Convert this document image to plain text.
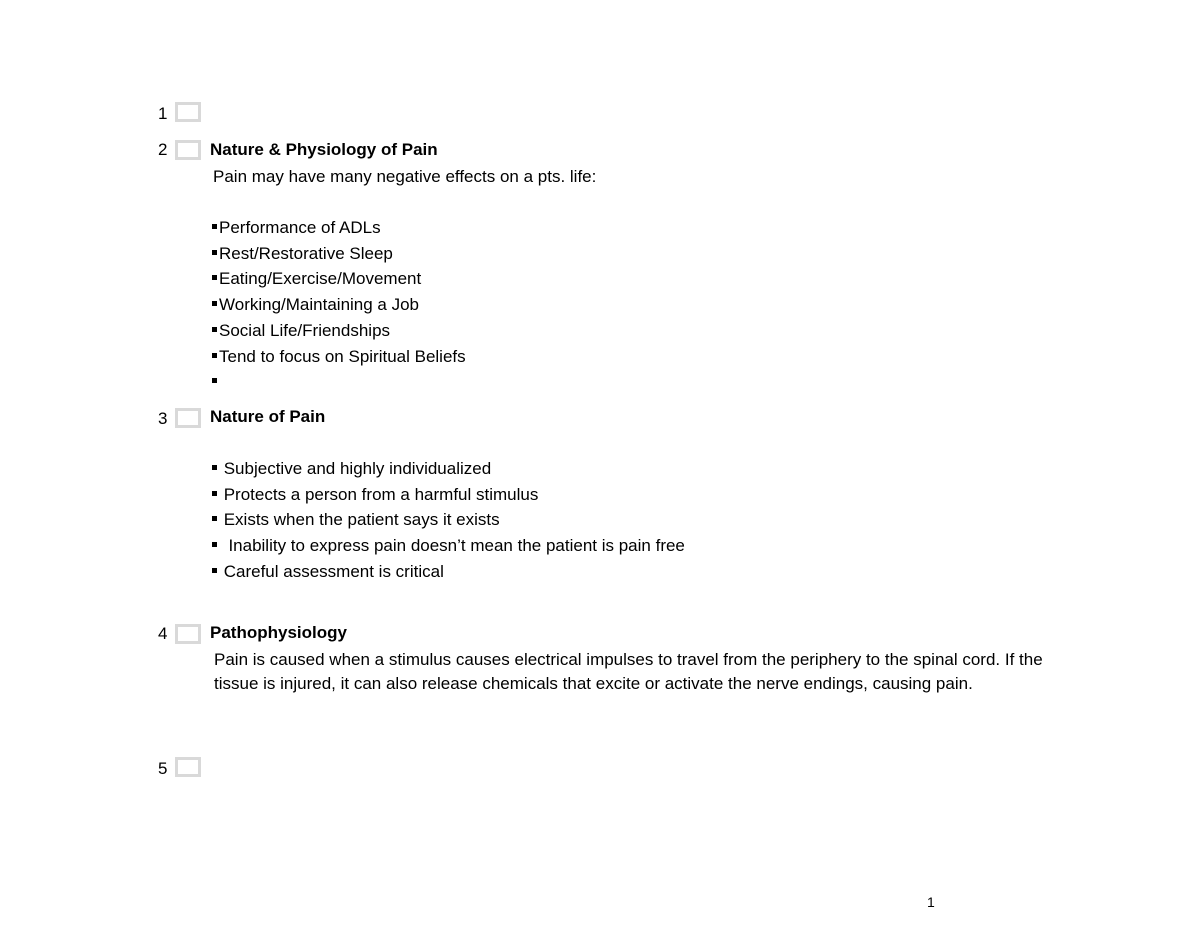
1
2	Nature & Physiology of Pain
Pain may have many negative effects on a pts. life:
Performance of ADLs
Rest/Restorative Sleep
Eating/Exercise/Movement
Working/Maintaining a Job
Social Life/Friendships
Tend to focus on Spiritual Beliefs
3	Nature of Pain
Subjective and highly individualized
Protects a person from a harmful stimulus
Exists when the patient says it exists
Inability to express pain doesn’t mean the patient is pain free
Careful assessment is critical
4	Pathophysiology
Pain is caused when a stimulus causes electrical impulses to travel from the periphery to the spinal cord. If the tissue is injured, it can also release chemicals that excite or activate the nerve endings, causing pain.
5
1
